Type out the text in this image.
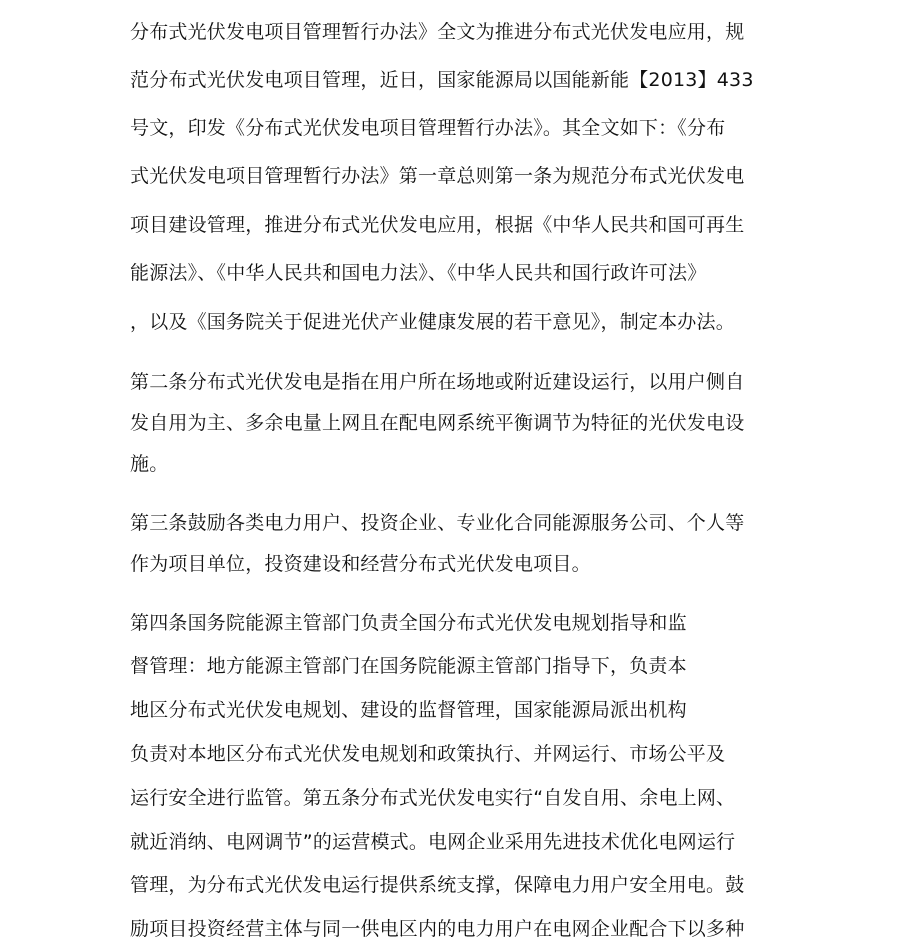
分布式光伏发电项目管理暂行办法》全文为推进分布式光伏发电应用，规
范分布式光伏发电项目管理，近日，国家能源局以国能新能【2013】433
号文，印发《分布式光伏发电项目管理暂行办法》。其全文如下：《分布
式光伏发电项目管理暂行办法》第一章总则第一条为规范分布式光伏发电
项目建设管理，推进分布式光伏发电应用，根据《中华人民共和国可再生
能源法》、《中华人民共和国电力法》、《中华人民共和国行政许可法》
，以及《国务院关于促进光伏产业健康发展的若干意见》，制定本办法。
第二条分布式光伏发电是指在用户所在场地或附近建设运行，以用户侧自
发自用为主、多余电量上网且在配电网系统平衡调节为特征的光伏发电设
施。
第三条鼓励各类电力用户、投资企业、专业化合同能源服务公司、个人等
作为项目单位，投资建设和经营分布式光伏发电项目。
第四条国务院能源主管部门负责全国分布式光伏发电规划指导和监
督管理：地方能源主管部门在国务院能源主管部门指导下，负责本
地区分布式光伏发电规划、建设的监督管理，国家能源局派出机构
负责对本地区分布式光伏发电规划和政策执行、并网运行、市场公平及
运行安全进行监管。第五条分布式光伏发电实行“自发自用、余电上网、
就近消纳、电网调节”的运营模式。电网企业采用先进技术优化电网运行
管理，为分布式光伏发电运行提供系统支撑，保障电力用户安全用电。鼓
励项目投资经营主体与同一供电区内的电力用户在电网企业配合下以多种
